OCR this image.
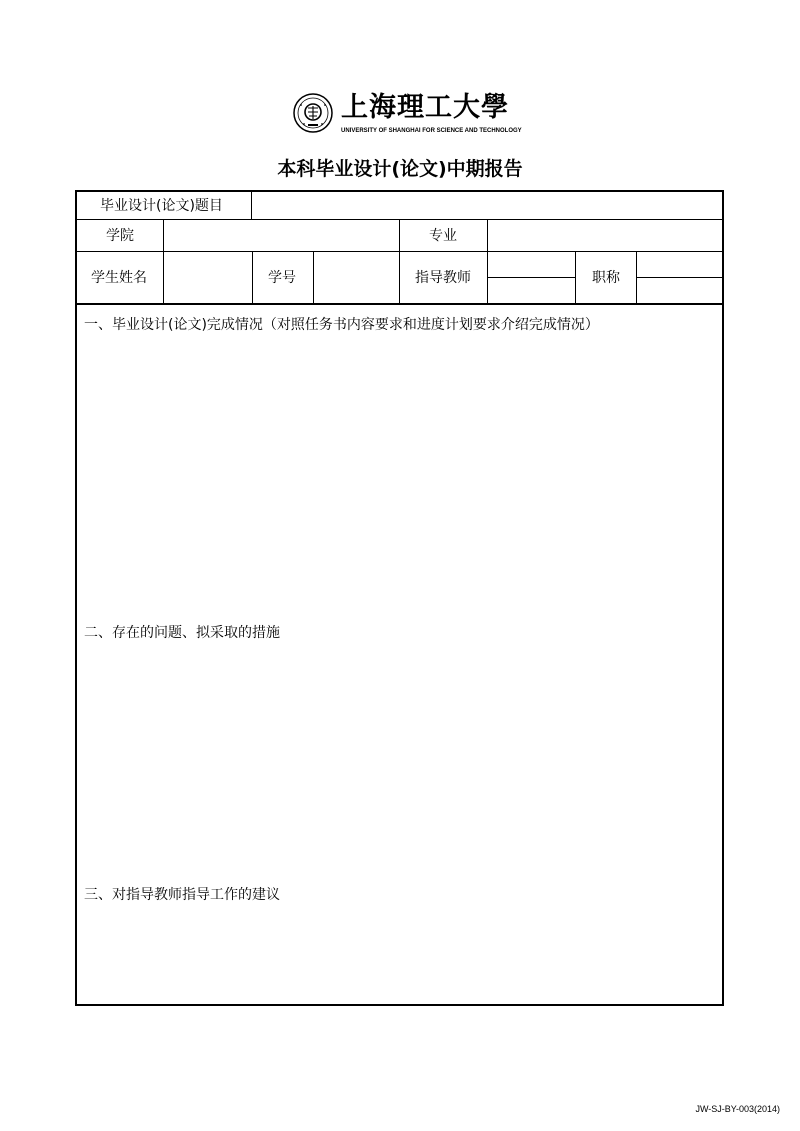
上海理工大學
UNIVERSITY OF SHANGHAI FOR SCIENCE AND TECHNOLOGY
本科毕业设计(论文)中期报告
毕业设计(论文)题目
学院	专业
学生姓名	学号	指导教师	职称
一、毕业设计(论文)完成情况（对照任务书内容要求和进度计划要求介绍完成情况）
二、存在的问题、拟采取的措施
三、对指导教师指导工作的建议
JW-SJ-BY-003(2014)
